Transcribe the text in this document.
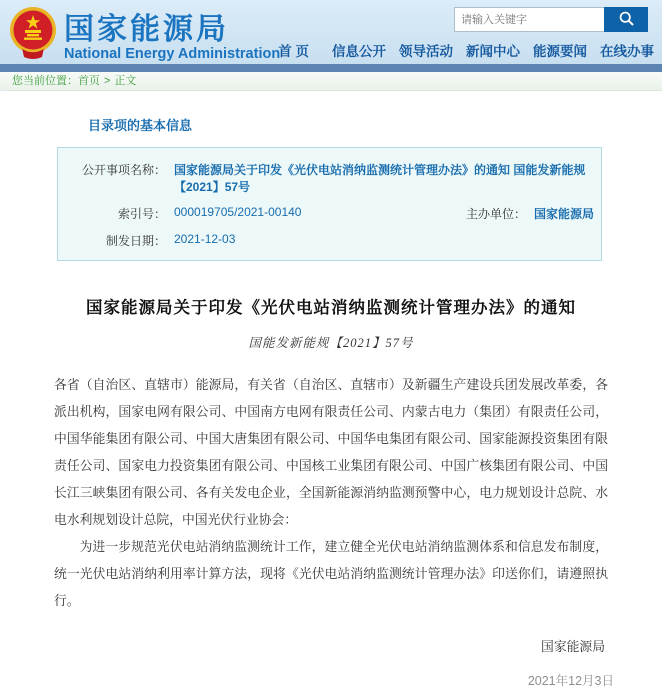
国家能源局
National Energy Administration
请输入关键字
首 页 信息公开 领导活动 新闻中心 能源要闻 在线办事
您当前位置：首页 > 正文
目录项的基本信息
公开事项名称：	国家能源局关于印发《光伏电站消纳监测统计管理办法》的通知 国能发新能规【2021】57号		
索引号：	000019705/2021-00140	主办单位：	国家能源局
制发日期：	2021-12-03		
国家能源局关于印发《光伏电站消纳监测统计管理办法》的通知
国能发新能规【2021】57号

各省（自治区、直辖市）能源局，有关省（自治区、直辖市）及新疆生产建设兵团发展改革委，各派出机构，国家电网有限公司、中国南方电网有限责任公司、内蒙古电力（集团）有限责任公司，中国华能集团有限公司、中国大唐集团有限公司、中国华电集团有限公司、国家能源投资集团有限责任公司、国家电力投资集团有限公司、中国核工业集团有限公司、中国广核集团有限公司、中国长江三峡集团有限公司、各有关发电企业，全国新能源消纳监测预警中心，电力规划设计总院、水电水利规划设计总院，中国光伏行业协会：

为进一步规范光伏电站消纳监测统计工作，建立健全光伏电站消纳监测体系和信息发布制度，统一光伏电站消纳利用率计算方法，现将《光伏电站消纳监测统计管理办法》印送你们，请遵照执行。

国家能源局
2021年12月3日
